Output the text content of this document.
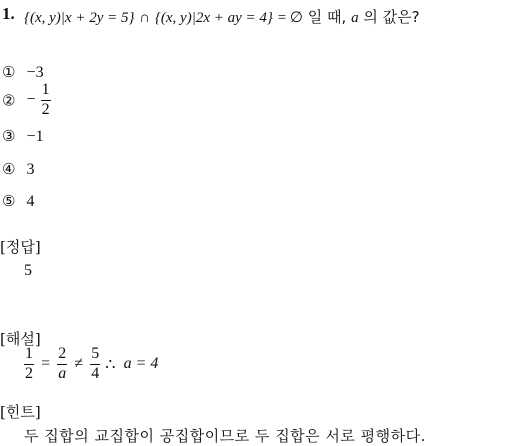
1. {(x, y)|x + 2y = 5} ∩ {(x, y)|2x + ay = 4} = ∅ 일 때, a 의 값은?
① −3
② − $\frac{1}{2}$
③ −1
④ 3
⑤ 4
[정답]
5
[해설]
$\frac{1}{2} = \frac{2}{a} \ne \frac{5}{4}$ ∴ a = 4
[힌트]
두 집합의 교집합이 공집합이므로 두 집합은 서로 평행하다.
